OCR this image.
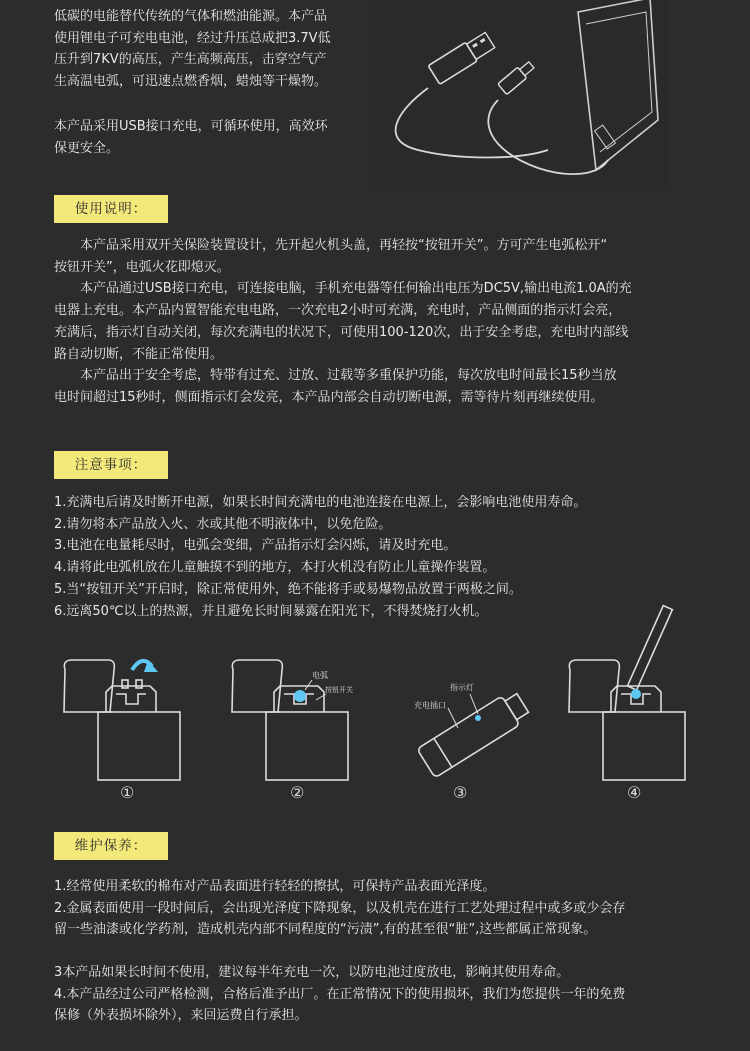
低碳的电能替代传统的气体和燃油能源。本产品

使用锂电子可充电电池，经过升压总成把3.7V低

压升到7KV的高压，产生高频高压，击穿空气产

生高温电弧，可迅速点燃香烟，蜡烛等干燥物。

本产品采用USB接口充电，可循环使用，高效环

保更安全。

使用说明：

本产品采用双开关保险装置设计，先开起火机头盖，再轻按“按钮开关”。方可产生电弧松开“

按钮开关”，电弧火花即熄灭。

本产品通过USB接口充电，可连接电脑，手机充电器等任何输出电压为DC5V,输出电流1.0A的充

电器上充电。本产品内置智能充电电路，一次充电2小时可充满，充电时，产品侧面的指示灯会亮，

充满后，指示灯自动关闭，每次充满电的状况下，可使用100-120次，出于安全考虑，充电时内部线

路自动切断，不能正常使用。

本产品出于安全考虑，特带有过充、过放、过载等多重保护功能，每次放电时间最长15秒当放

电时间超过15秒时，侧面指示灯会发亮，本产品内部会自动切断电源，需等待片刻再继续使用。

注意事项：

1.充满电后请及时断开电源，如果长时间充满电的电池连接在电源上，会影响电池使用寿命。

2.请勿将本产品放入火、水或其他不明液体中，以免危险。

3.电池在电量耗尽时，电弧会变细，产品指示灯会闪烁，请及时充电。

4.请将此电弧机放在儿童触摸不到的地方，本打火机没有防止儿童操作装置。

5.当“按钮开关”开启时，除正常使用外，绝不能将手或易爆物品放置于两极之间。

6.远离50℃以上的热源，并且避免长时间暴露在阳光下，不得焚烧打火机。

①
电弧
按钮开关
②
指示灯
充电插口
③	④
维护保养：

1.经常使用柔软的棉布对产品表面进行轻轻的擦拭，可保持产品表面光泽度。

2.金属表面使用一段时间后，会出现光泽度下降现象，以及机壳在进行工艺处理过程中或多或少会存

留一些油漆或化学药剂，造成机壳内部不同程度的“污渍”,有的甚至很“脏”,这些都属正常现象。

3本产品如果长时间不使用，建议每半年充电一次，以防电池过度放电，影响其使用寿命。

4.本产品经过公司严格检测，合格后准予出厂。在正常情况下的使用损坏，我们为您提供一年的免费

保修（外表损坏除外），来回运费自行承担。
